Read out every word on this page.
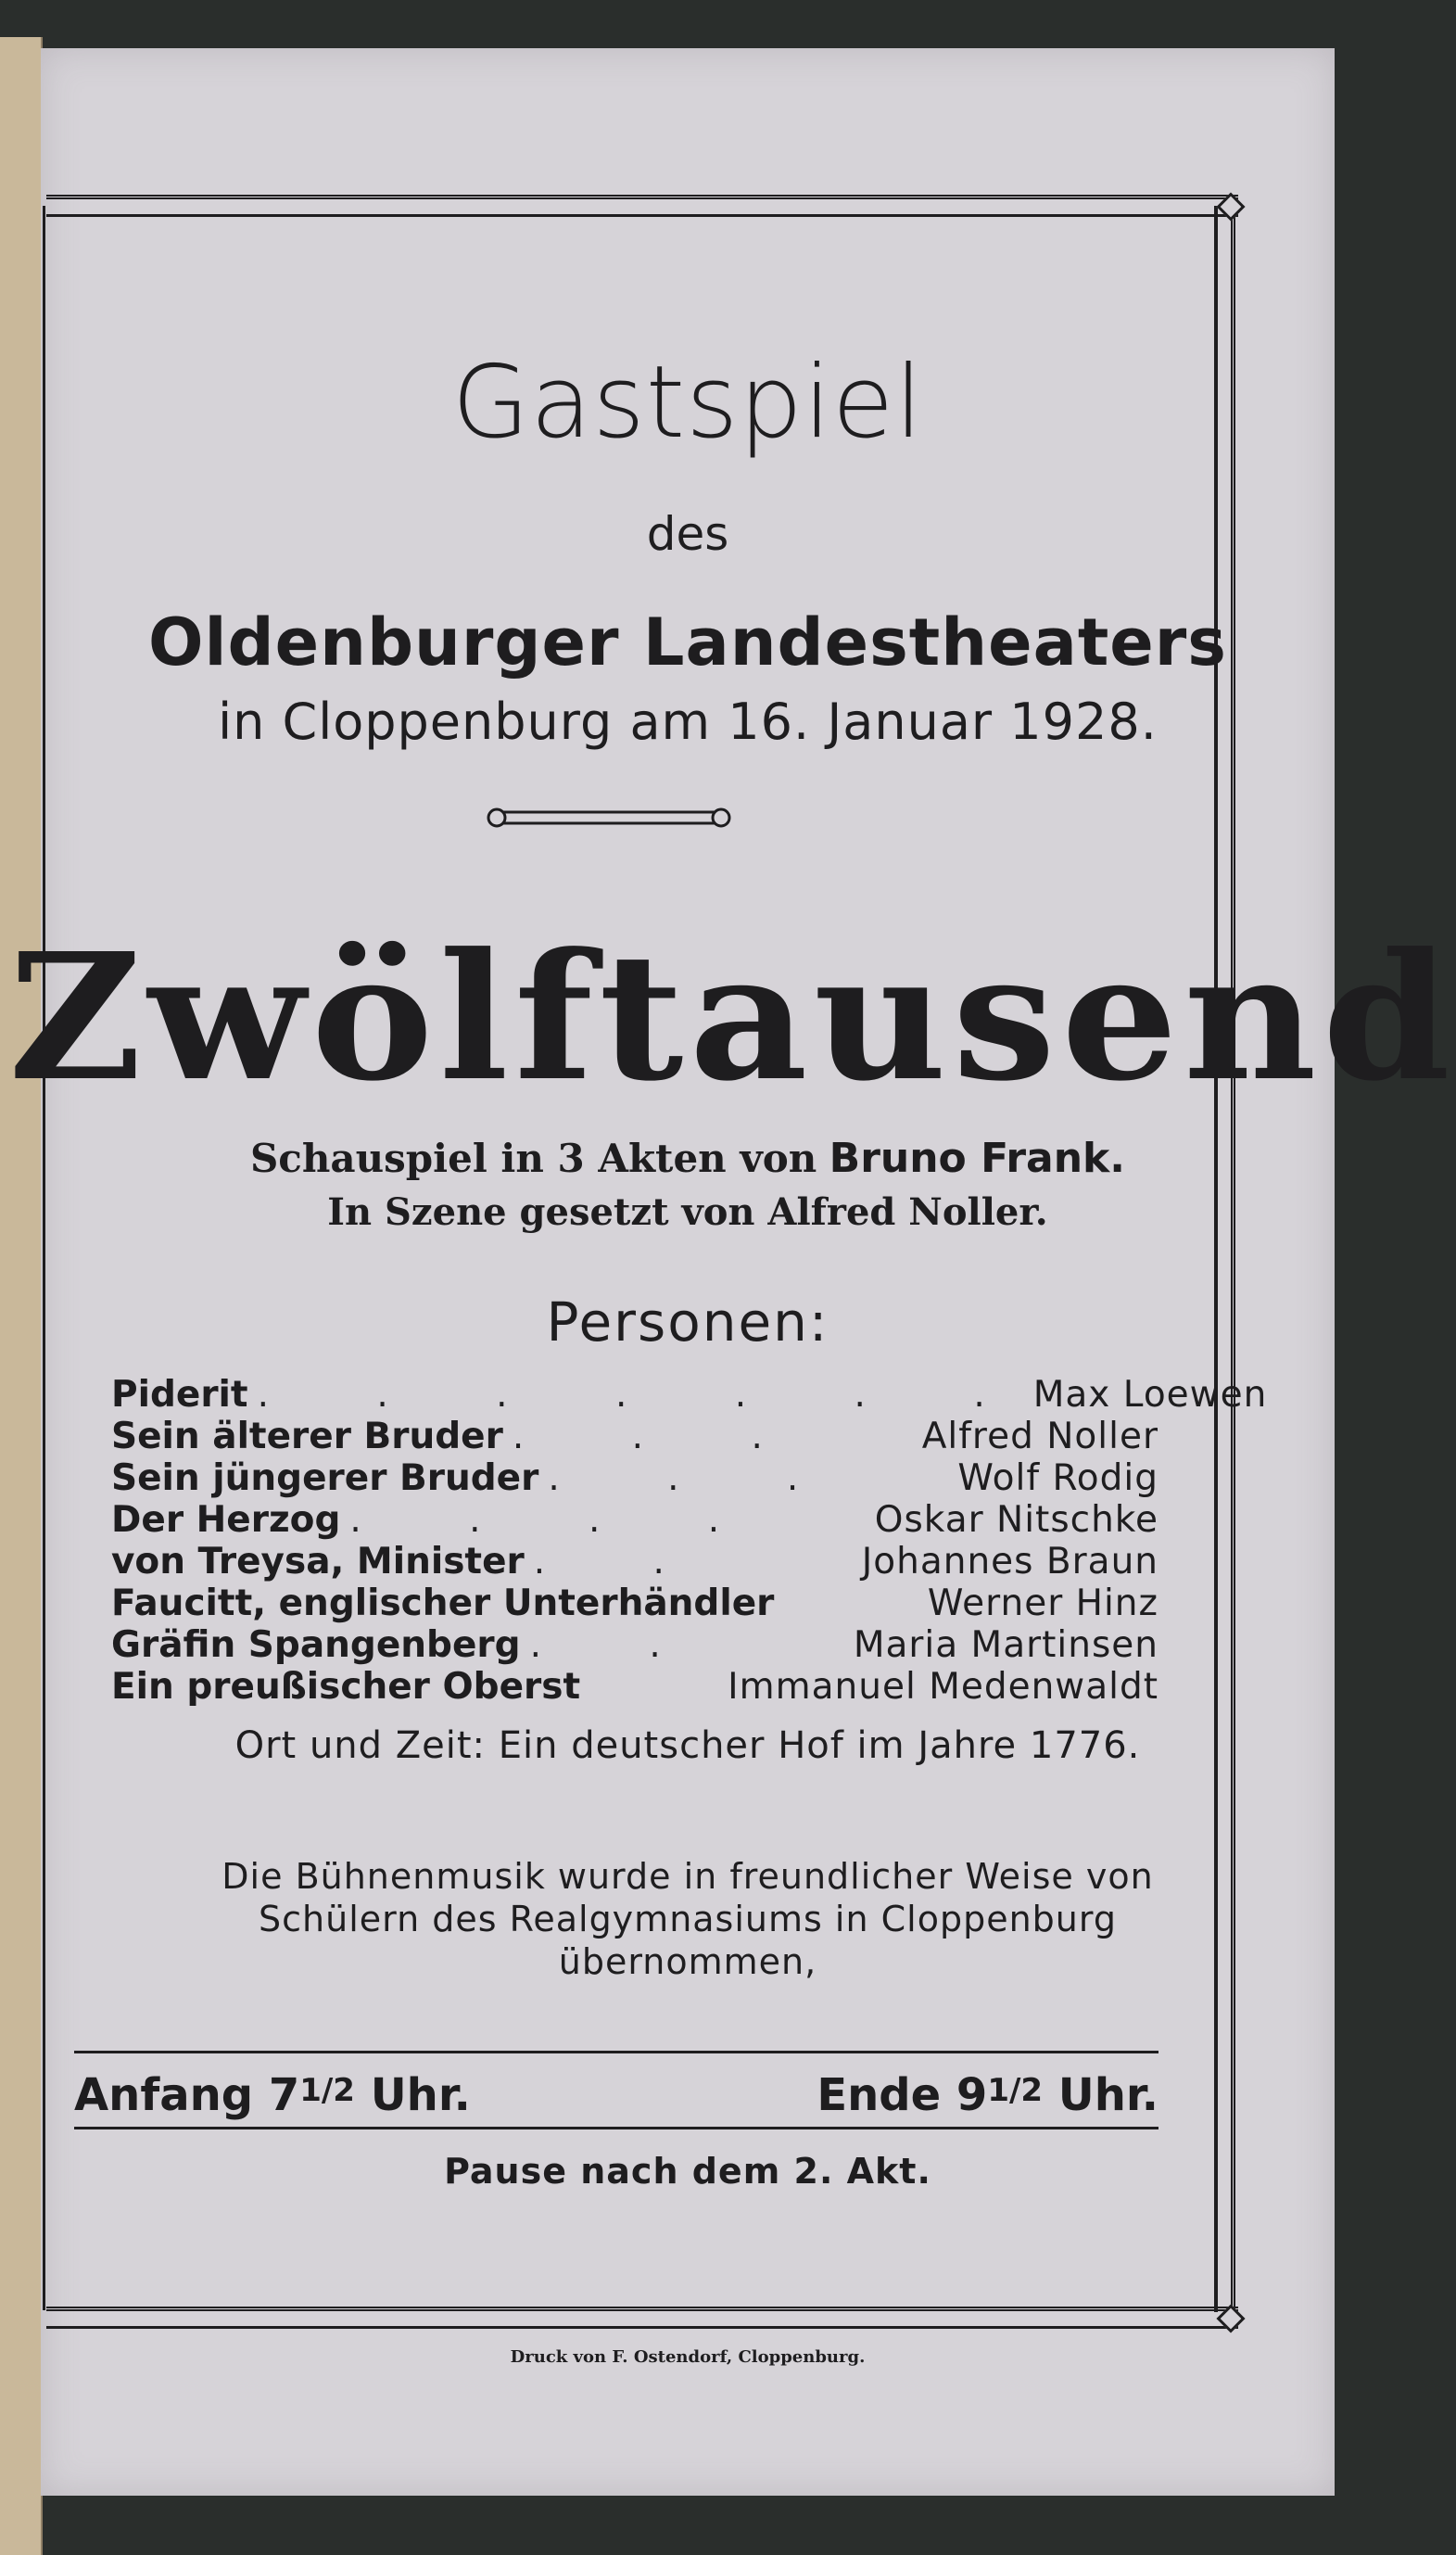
Gastspiel
des
Oldenburger Landestheaters
in Cloppenburg am 16. Januar 1928.
Zwölftausend
Schauspiel in 3 Akten von Bruno Frank.
In Szene gesetzt von Alfred Noller.
Personen:
Piderit . . . . . . . Max Loewen
Sein älterer Bruder . . .	Alfred Noller
Sein jüngerer Bruder . . .	Wolf Rodig
Der Herzog . . . .	Oskar Nitschke
von Treysa, Minister . .	Johannes Braun
Faucitt, englischer Unterhändler	Werner Hinz
Gräfin Spangenberg . .	Maria Martinsen
Ein preußischer Oberst	Immanuel Medenwaldt
Ort und Zeit: Ein deutscher Hof im Jahre 1776.
Die Bühnenmusik wurde in freundlicher Weise von
Schülern des Realgymnasiums in Cloppenburg
übernommen,
Anfang $7^{1/2}$ Uhr.	Ende $9^{1/2}$ Uhr.
Pause nach dem 2. Akt.
Druck von F. Ostendorf, Cloppenburg.
